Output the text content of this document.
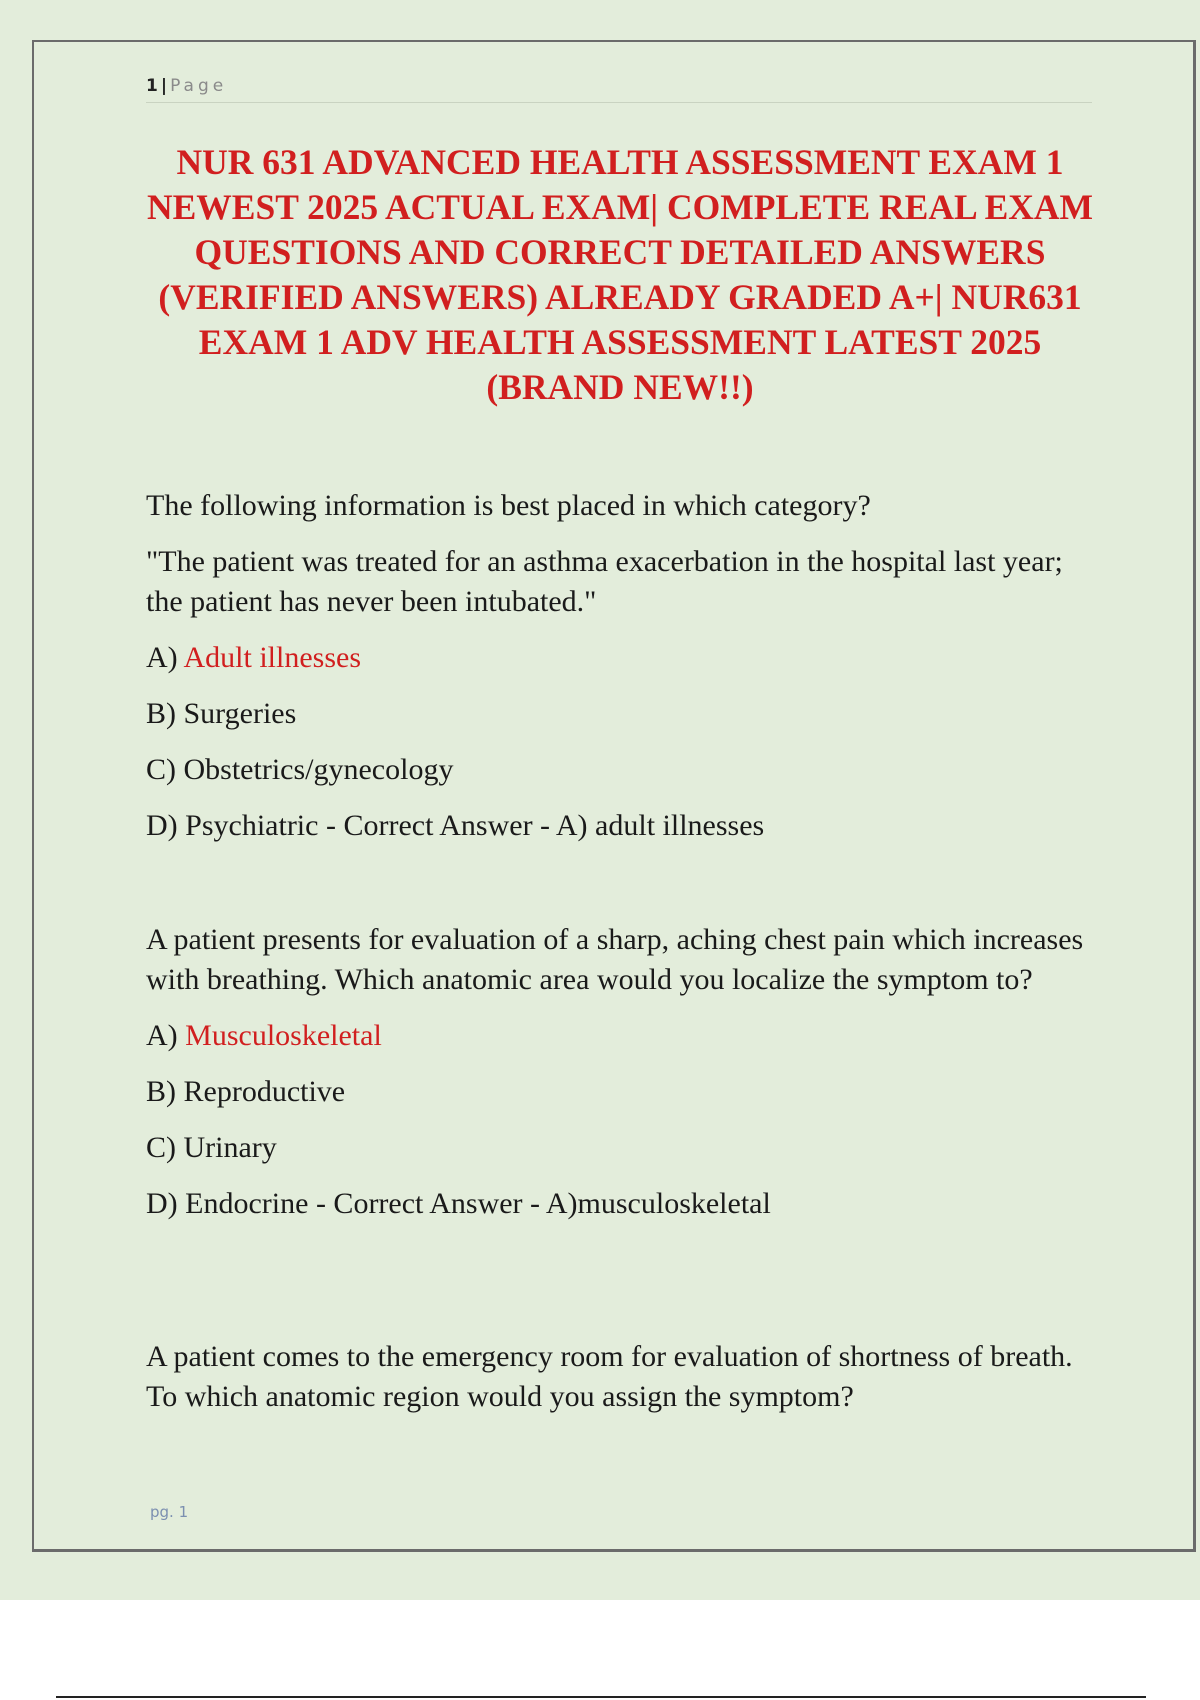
1 | Page
NUR 631 ADVANCED HEALTH ASSESSMENT EXAM 1 NEWEST 2025 ACTUAL EXAM| COMPLETE REAL EXAM QUESTIONS AND CORRECT DETAILED ANSWERS (VERIFIED ANSWERS) ALREADY GRADED A+| NUR631 EXAM 1 ADV HEALTH ASSESSMENT LATEST 2025 (BRAND NEW!!)

The following information is best placed in which category?

"The patient was treated for an asthma exacerbation in the hospital last year; the patient has never been intubated."

A) Adult illnesses

B) Surgeries

C) Obstetrics/gynecology

D) Psychiatric - Correct Answer - A) adult illnesses

A patient presents for evaluation of a sharp, aching chest pain which increases with breathing. Which anatomic area would you localize the symptom to?

A) Musculoskeletal

B) Reproductive

C) Urinary

D) Endocrine - Correct Answer - A)musculoskeletal

A patient comes to the emergency room for evaluation of shortness of breath. To which anatomic region would you assign the symptom?

pg. 1
